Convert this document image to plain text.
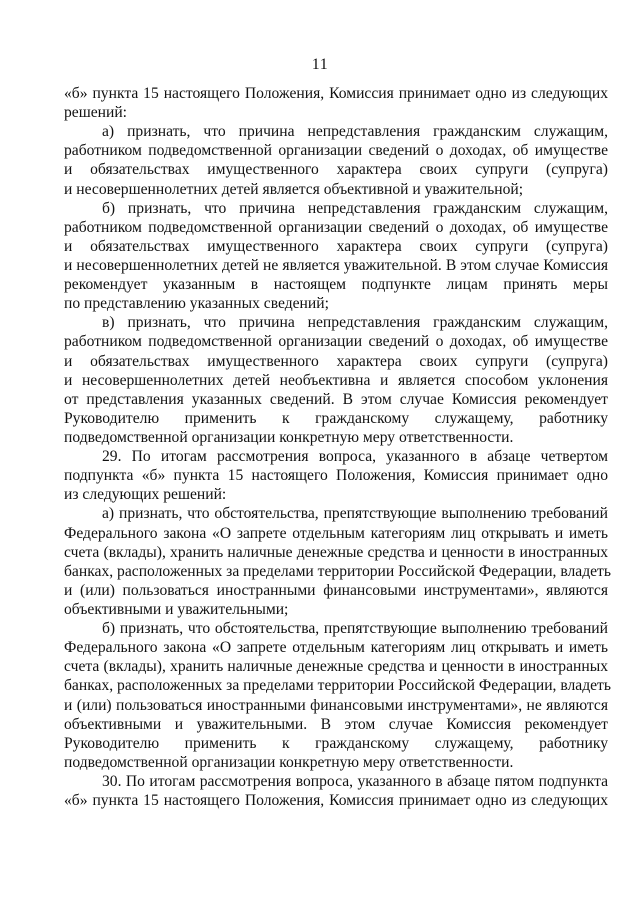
11
«б» пункта 15 настоящего Положения, Комиссия принимает одно из следующих
решений:
а) признать, что причина непредставления гражданским служащим,
работником подведомственной организации сведений о доходах, об имуществе
и обязательствах имущественного характера своих супруги (супруга)
и несовершеннолетних детей является объективной и уважительной;
б) признать, что причина непредставления гражданским служащим,
работником подведомственной организации сведений о доходах, об имуществе
и обязательствах имущественного характера своих супруги (супруга)
и несовершеннолетних детей не является уважительной. В этом случае Комиссия
рекомендует указанным в настоящем подпункте лицам принять меры
по представлению указанных сведений;
в) признать, что причина непредставления гражданским служащим,
работником подведомственной организации сведений о доходах, об имуществе
и обязательствах имущественного характера своих супруги (супруга)
и несовершеннолетних детей необъективна и является способом уклонения
от представления указанных сведений. В этом случае Комиссия рекомендует
Руководителю применить к гражданскому служащему, работнику
подведомственной организации конкретную меру ответственности.
29. По итогам рассмотрения вопроса, указанного в абзаце четвертом
подпункта «б» пункта 15 настоящего Положения, Комиссия принимает одно
из следующих решений:
а) признать, что обстоятельства, препятствующие выполнению требований
Федерального закона «О запрете отдельным категориям лиц открывать и иметь
счета (вклады), хранить наличные денежные средства и ценности в иностранных
банках, расположенных за пределами территории Российской Федерации, владеть
и (или) пользоваться иностранными финансовыми инструментами», являются
объективными и уважительными;
б) признать, что обстоятельства, препятствующие выполнению требований
Федерального закона «О запрете отдельным категориям лиц открывать и иметь
счета (вклады), хранить наличные денежные средства и ценности в иностранных
банках, расположенных за пределами территории Российской Федерации, владеть
и (или) пользоваться иностранными финансовыми инструментами», не являются
объективными и уважительными. В этом случае Комиссия рекомендует
Руководителю применить к гражданскому служащему, работнику
подведомственной организации конкретную меру ответственности.
30. По итогам рассмотрения вопроса, указанного в абзаце пятом подпункта
«б» пункта 15 настоящего Положения, Комиссия принимает одно из следующих
